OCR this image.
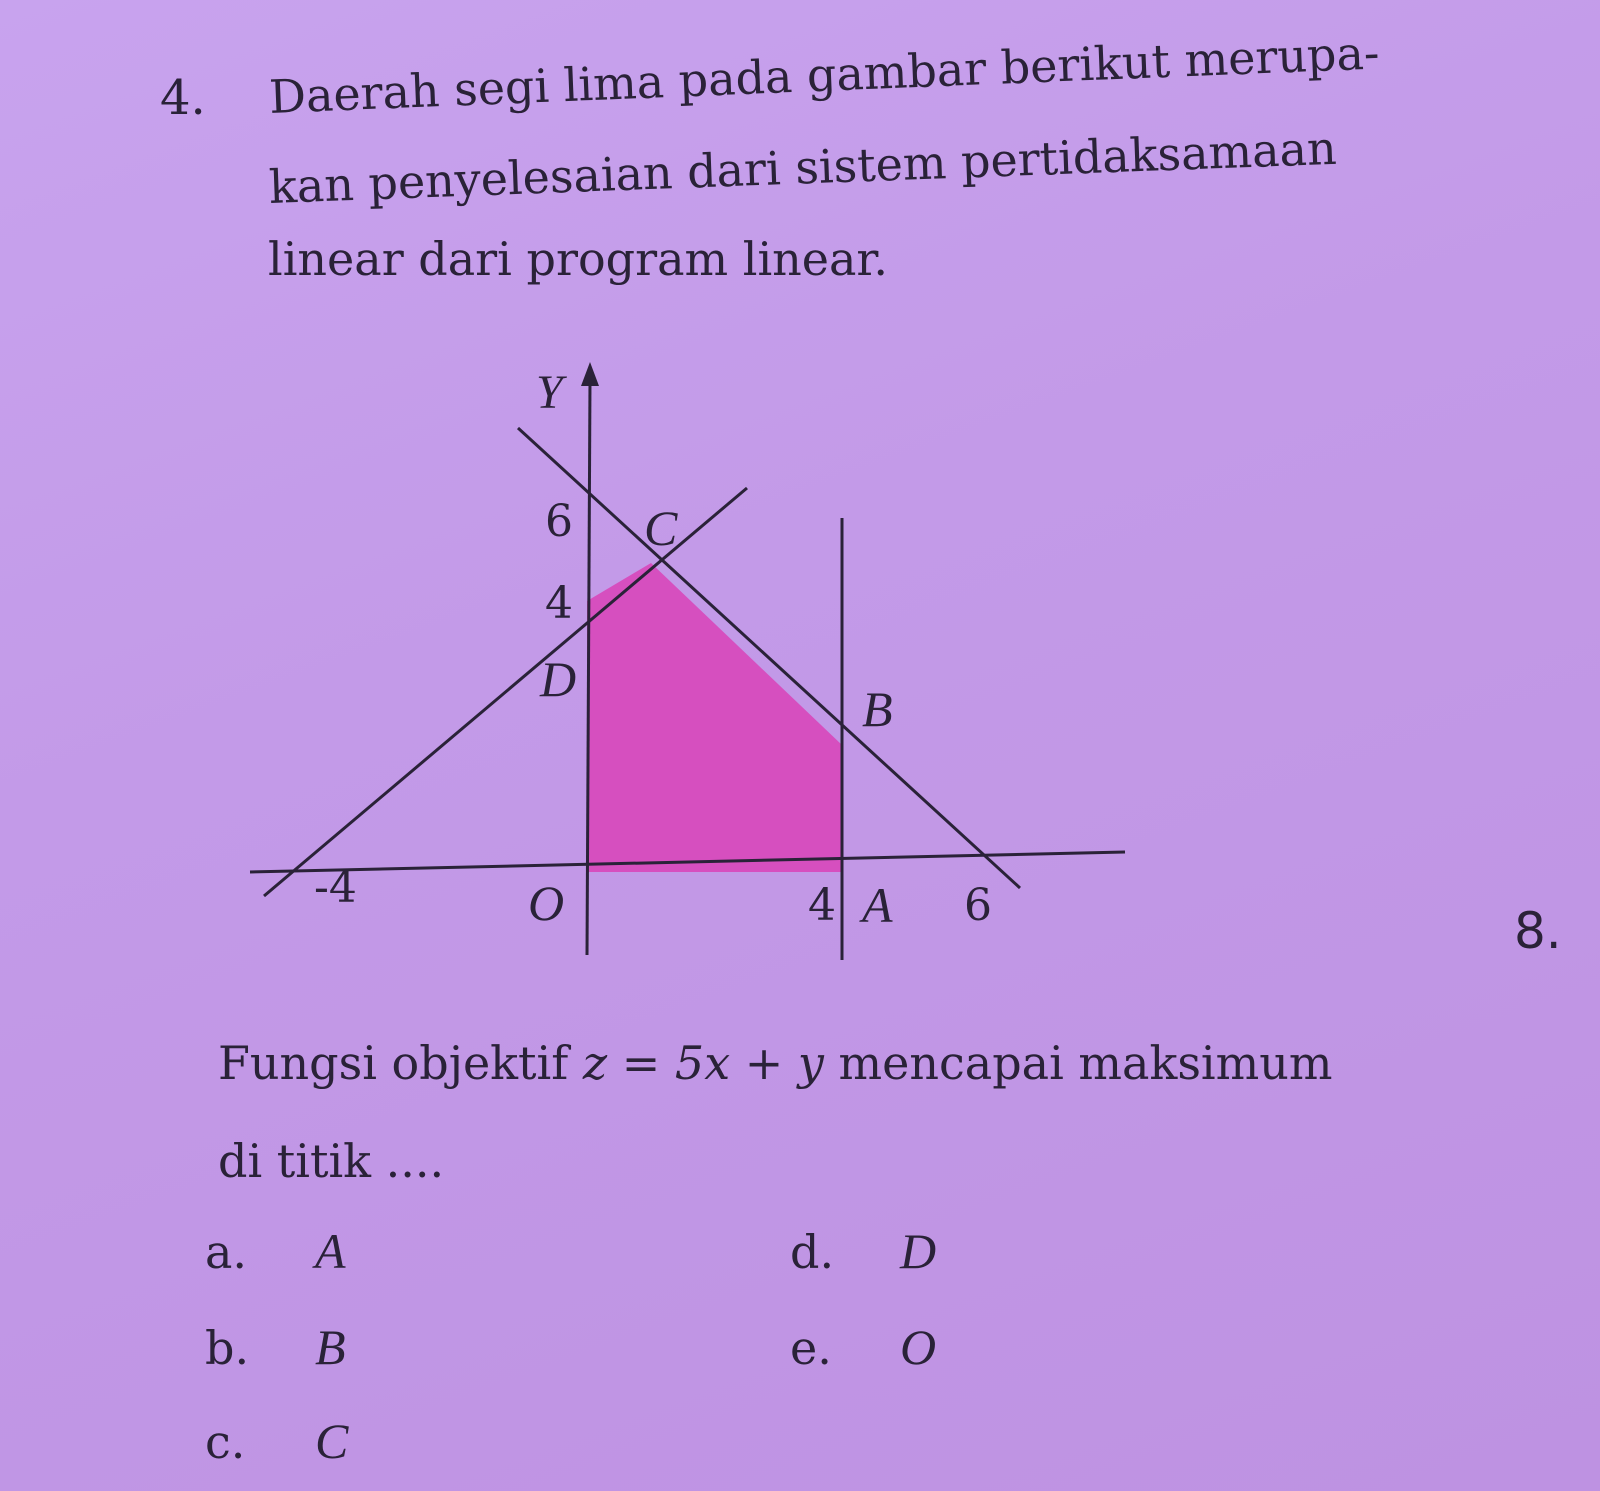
4. Daerah segi lima pada gambar berikut merupa-
kan penyelesaian dari sistem pertidaksamaan
linear dari program linear.
Y
6
4
-4	4	6
O	A
B
C
D
8.
Fungsi objektif z = 5x + y mencapai maksimum
di titik ....
a.	A
b.	B
c.	C
d.	D
e.	O
